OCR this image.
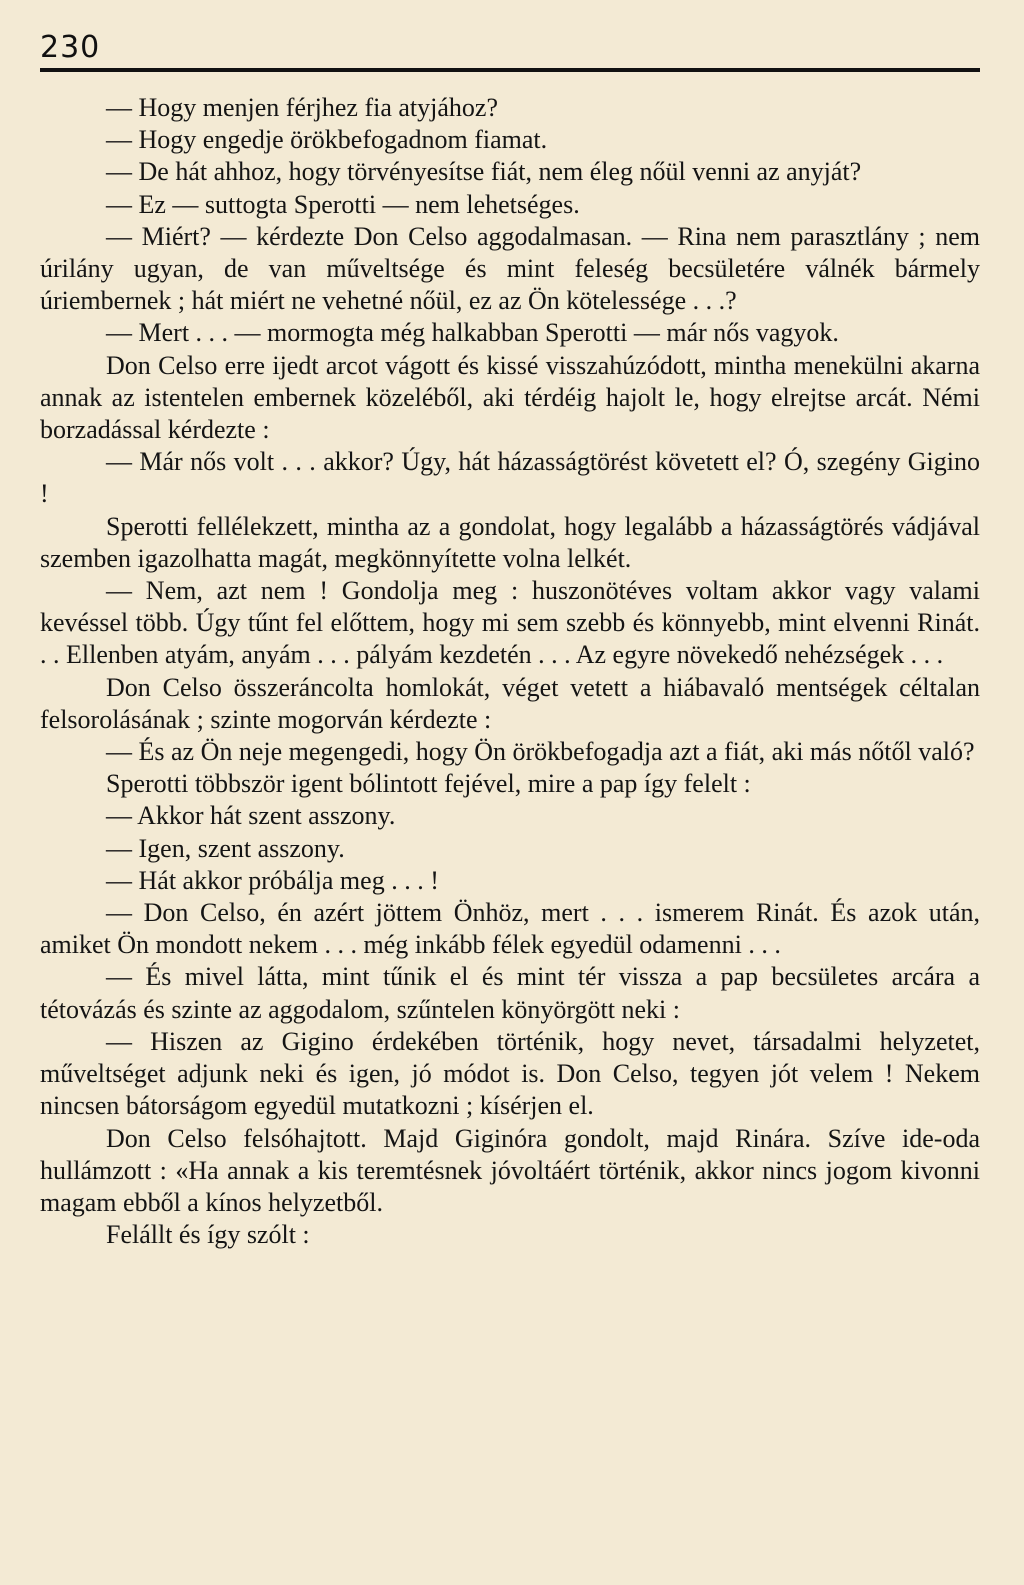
230

— Hogy menjen férjhez fia atyjához?

— Hogy engedje örökbefogadnom fiamat.

— De hát ahhoz, hogy törvényesítse fiát, nem éleg nőül venni az anyját?

— Ez — suttogta Sperotti — nem lehetséges.

— Miért? — kérdezte Don Celso aggodalmasan. — Rina nem parasztlány ; nem úrilány ugyan, de van műveltsége és mint feleség becsületére válnék bármely úriembernek ; hát miért ne vehetné nőül, ez az Ön kötelessége . . .?

— Mert . . . — mormogta még halkabban Sperotti — már nős vagyok.

Don Celso erre ijedt arcot vágott és kissé visszahúzódott, mintha menekülni akarna annak az istentelen embernek közeléből, aki térdéig hajolt le, hogy elrejtse arcát. Némi borzadással kérdezte :

— Már nős volt . . . akkor? Úgy, hát házasságtörést követett el? Ó, szegény Gigino !

Sperotti fellélekzett, mintha az a gondolat, hogy legalább a házasságtörés vádjával szemben igazolhatta magát, megkönnyítette volna lelkét.

— Nem, azt nem ! Gondolja meg : huszonötéves voltam akkor vagy valami kevéssel több. Úgy tűnt fel előttem, hogy mi sem szebb és könnyebb, mint elvenni Rinát. . . Ellenben atyám, anyám . . . pályám kezdetén . . . Az egyre növekedő nehézségek . . .

Don Celso összeráncolta homlokát, véget vetett a hiábavaló mentségek céltalan felsorolásának ; szinte mogorván kérdezte :

— És az Ön neje megengedi, hogy Ön örökbefogadja azt a fiát, aki más nőtől való?

Sperotti többször igent bólintott fejével, mire a pap így felelt :

— Akkor hát szent asszony.

— Igen, szent asszony.

— Hát akkor próbálja meg . . . !

— Don Celso, én azért jöttem Önhöz, mert . . . ismerem Rinát. És azok után, amiket Ön mondott nekem . . . még inkább félek egyedül odamenni . . .

— És mivel látta, mint tűnik el és mint tér vissza a pap becsületes arcára a tétovázás és szinte az aggodalom, szűntelen könyörgött neki :

— Hiszen az Gigino érdekében történik, hogy nevet, társadalmi helyzetet, műveltséget adjunk neki és igen, jó módot is. Don Celso, tegyen jót velem ! Nekem nincsen bátorságom egyedül mutatkozni ; kísérjen el.

Don Celso felsóhajtott. Majd Giginóra gondolt, majd Rinára. Szíve ide-oda hullámzott : «Ha annak a kis teremtésnek jóvoltáért történik, akkor nincs jogom kivonni magam ebből a kínos helyzetből.

Felállt és így szólt :
